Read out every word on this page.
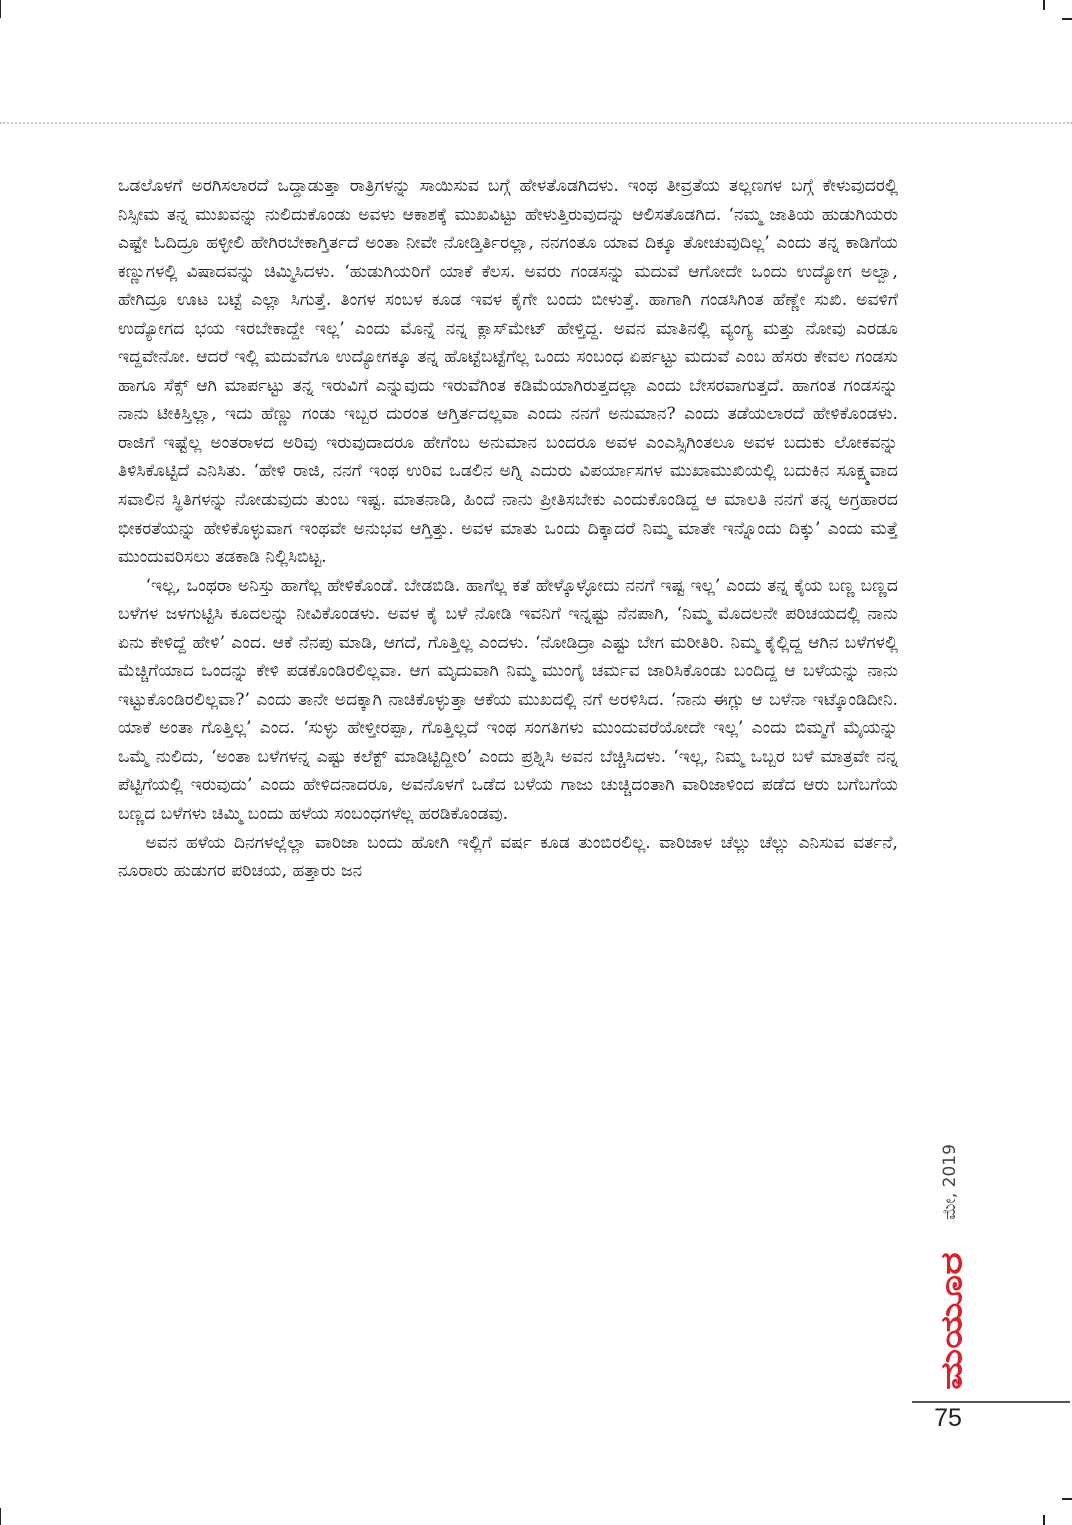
ಒಡಲೊಳಗೆ ಅರಗಿಸಲಾರದೆ ಒದ್ದಾಡುತ್ತಾ ರಾತ್ರಿಗಳನ್ನು ಸಾಯಿಸುವ ಬಗ್ಗೆ ಹೇಳತೊಡಗಿದಳು. ಇಂಥ ತೀವ್ರತೆಯ ತಲ್ಲಣಗಳ ಬಗ್ಗೆ ಕೇಳುವುದರಲ್ಲಿ ನಿಸ್ಸೀಮ ತನ್ನ ಮುಖವನ್ನು ನುಲಿದುಕೊಂಡು ಅವಳು ಆಕಾಶಕ್ಕೆ ಮುಖವಿಟ್ಟು ಹೇಳುತ್ತಿರುವುದನ್ನು ಆಲಿಸತೊಡಗಿದ. ‘ನಮ್ಮ ಜಾತಿಯ ಹುಡುಗಿಯರು ಎಷ್ಟೇ ಓದಿದ್ರೂ ಹಳ್ಳೀಲಿ ಹೇಗಿರಬೇಕಾಗ್ತಿರ್ತದೆ ಅಂತಾ ನೀವೇ ನೋಡ್ತಿರ್ತಿರಲ್ಲಾ, ನನಗಂತೂ ಯಾವ ದಿಕ್ಕೂ ತೋಚುವುದಿಲ್ಲ’ ಎಂದು ತನ್ನ ಕಾಡಿಗೆಯ ಕಣ್ಣುಗಳಲ್ಲಿ ವಿಷಾದವನ್ನು ಚಿಮ್ಮಿಸಿದಳು. ‘ಹುಡುಗಿಯರಿಗೆ ಯಾಕೆ ಕೆಲಸ. ಅವರು ಗಂಡಸನ್ನು ಮದುವೆ ಆಗೋದೇ ಒಂದು ಉದ್ಯೋಗ ಅಲ್ವಾ, ಹೇಗಿದ್ರೂ ಊಟ ಬಟ್ಟೆ ಎಲ್ಲಾ ಸಿಗುತ್ತೆ. ತಿಂಗಳ ಸಂಬಳ ಕೂಡ ಇವಳ ಕೈಗೇ ಬಂದು ಬೀಳುತ್ತೆ. ಹಾಗಾಗಿ ಗಂಡಸಿಗಿಂತ ಹೆಣ್ಣೇ ಸುಖಿ. ಅವಳಿಗೆ ಉದ್ಯೋಗದ ಭಯ ಇರಬೇಕಾದ್ದೇ ಇಲ್ಲ’ ಎಂದು ಮೊನ್ನೆ ನನ್ನ ಕ್ಲಾಸ್‌ಮೇಟ್ ಹೇಳ್ತಿದ್ದ. ಅವನ ಮಾತಿನಲ್ಲಿ ವ್ಯಂಗ್ಯ ಮತ್ತು ನೋವು ಎರಡೂ ಇದ್ದವೇನೋ. ಆದರೆ ಇಲ್ಲಿ ಮದುವೆಗೂ ಉದ್ಯೋಗಕ್ಕೂ ತನ್ನ ಹೊಟ್ಟೆಬಟ್ಟೆಗೆಲ್ಲ ಒಂದು ಸಂಬಂಧ ಏರ್ಪಟ್ಟು ಮದುವೆ ಎಂಬ ಹೆಸರು ಕೇವಲ ಗಂಡಸು ಹಾಗೂ ಸೆಕ್ಸ್ ಆಗಿ ಮಾರ್ಪಟ್ಟು ತನ್ನ ಇರುವಿಗೆ ಎನ್ನುವುದು ಇರುವೆಗಿಂತ ಕಡಿಮೆಯಾಗಿರುತ್ತದಲ್ಲಾ ಎಂದು ಬೇಸರವಾಗುತ್ತದೆ. ಹಾಗಂತ ಗಂಡಸನ್ನು ನಾನು ಟೀಕಿಸ್ತಿಲ್ಲಾ, ಇದು ಹೆಣ್ಣು ಗಂಡು ಇಬ್ಬರ ದುರಂತ ಆಗ್ತಿರ್ತದಲ್ಲವಾ ಎಂದು ನನಗೆ ಅನುಮಾನ? ಎಂದು ತಡೆಯಲಾರದೆ ಹೇಳಿಕೊಂಡಳು. ರಾಜಿಗೆ ಇಷ್ಟೆಲ್ಲ ಅಂತರಾಳದ ಅರಿವು ಇರುವುದಾದರೂ ಹೇಗೆಂಬ ಅನುಮಾನ ಬಂದರೂ ಅವಳ ಎಂಎಸ್ಸಿಗಿಂತಲೂ ಅವಳ ಬದುಕು ಲೋಕವನ್ನು ತಿಳಿಸಿಕೊಟ್ಟಿದೆ ಎನಿಸಿತು. ‘ಹೇಳಿ ರಾಜಿ, ನನಗೆ ಇಂಥ ಉರಿವ ಒಡಲಿನ ಅಗ್ನಿ ಎದುರು ವಿಪರ್ಯಾಸಗಳ ಮುಖಾಮುಖಿಯಲ್ಲಿ ಬದುಕಿನ ಸೂಕ್ಷ್ಮವಾದ ಸವಾಲಿನ ಸ್ಥಿತಿಗಳನ್ನು ನೋಡುವುದು ತುಂಬ ಇಷ್ಟ. ಮಾತನಾಡಿ, ಹಿಂದೆ ನಾನು ಪ್ರೀತಿಸಬೇಕು ಎಂದುಕೊಂಡಿದ್ದ ಆ ಮಾಲತಿ ನನಗೆ ತನ್ನ ಅಗ್ರಹಾರದ ಭೀಕರತೆಯನ್ನು ಹೇಳಿಕೊಳ್ಳುವಾಗ ಇಂಥವೇ ಅನುಭವ ಆಗ್ತಿತ್ತು. ಅವಳ ಮಾತು ಒಂದು ದಿಕ್ಕಾದರೆ ನಿಮ್ಮ ಮಾತೇ ಇನ್ನೊಂದು ದಿಕ್ಕು’ ಎಂದು ಮತ್ತೆ ಮುಂದುವರಿಸಲು ತಡಕಾಡಿ ನಿಲ್ಲಿಸಿಬಿಟ್ಟ.

‘ಇಲ್ಲ, ಒಂಥರಾ ಅನಿಸ್ತು ಹಾಗೆಲ್ಲ ಹೇಳಿಕೊಂಡೆ. ಬೇಡಬಿಡಿ. ಹಾಗೆಲ್ಲ ಕತೆ ಹೇಳ್ಕೊಳ್ಳೋದು ನನಗೆ ಇಷ್ಟ ಇಲ್ಲ’ ಎಂದು ತನ್ನ ಕೈಯ ಬಣ್ಣ ಬಣ್ಣದ ಬಳೆಗಳ ಜಳಗುಟ್ಟಿಸಿ ಕೂದಲನ್ನು ನೀವಿಕೊಂಡಳು. ಅವಳ ಕೈ ಬಳೆ ನೋಡಿ ಇವನಿಗೆ ಇನ್ನಷ್ಟು ನೆನಪಾಗಿ, ‘ನಿಮ್ಮ ಮೊದಲನೇ ಪರಿಚಯದಲ್ಲಿ ನಾನು ಏನು ಕೇಳಿದ್ದೆ ಹೇಳಿ’ ಎಂದ. ಆಕೆ ನೆನಪು ಮಾಡಿ, ಆಗದೆ, ಗೊತ್ತಿಲ್ಲ ಎಂದಳು. ‘ನೋಡಿದ್ರಾ ಎಷ್ಟು ಬೇಗ ಮರೀತಿರಿ. ನಿಮ್ಮ ಕೈಲ್ಲಿದ್ದ ಆಗಿನ ಬಳೆಗಳಲ್ಲಿ ಮೆಚ್ಚಿಗೆಯಾದ ಒಂದನ್ನು ಕೇಳಿ ಪಡಕೊಂಡಿರಲಿಲ್ಲವಾ. ಆಗ ಮೃದುವಾಗಿ ನಿಮ್ಮ ಮುಂಗೈ ಚರ್ಮವ ಜಾರಿಸಿಕೊಂಡು ಬಂದಿದ್ದ ಆ ಬಳೆಯನ್ನು ನಾನು ಇಟ್ಟುಕೊಂಡಿರಲಿಲ್ಲವಾ?’ ಎಂದು ತಾನೇ ಅದಕ್ಕಾಗಿ ನಾಚಿಕೊಳ್ಳುತ್ತಾ ಆಕೆಯ ಮುಖದಲ್ಲಿ ನಗೆ ಅರಳಿಸಿದ. ‘ನಾನು ಈಗ್ಲು ಆ ಬಳೆನಾ ಇಟ್ಕೊಂಡಿದೀನಿ. ಯಾಕೆ ಅಂತಾ ಗೊತ್ತಿಲ್ಲ’ ಎಂದ. ‘ಸುಳ್ಳು ಹೇಳ್ತೀರಪ್ಪಾ, ಗೊತ್ತಿಲ್ಲದೆ ಇಂಥ ಸಂಗತಿಗಳು ಮುಂದುವರೆಯೋದೇ ಇಲ್ಲ’ ಎಂದು ಬಿಮ್ಮಗೆ ಮೈಯನ್ನು ಒಮ್ಮೆ ನುಲಿದು, ‘ಅಂತಾ ಬಳೆಗಳನ್ನ ಎಷ್ಟು ಕಲೆಕ್ಟ್ ಮಾಡಿಟ್ಟಿದ್ದೀರಿ’ ಎಂದು ಪ್ರಶ್ನಿಸಿ ಅವನ ಬೆಚ್ಚಿಸಿದಳು. ‘ಇಲ್ಲ, ನಿಮ್ಮ ಒಬ್ಬರ ಬಳೆ ಮಾತ್ರವೇ ನನ್ನ ಪೆಟ್ಟಿಗೆಯಲ್ಲಿ ಇರುವುದು’ ಎಂದು ಹೇಳಿದನಾದರೂ, ಅವನೊಳಗೆ ಒಡೆದ ಬಳೆಯ ಗಾಜು ಚುಚ್ಚಿದಂತಾಗಿ ವಾರಿಜಾಳಿಂದ ಪಡೆದ ಆರು ಬಗೆಬಗೆಯ ಬಣ್ಣದ ಬಳೆಗಳು ಚಿಮ್ಮಿ ಬಂದು ಹಳೆಯ ಸಂಬಂಧಗಳೆಲ್ಲ ಹರಡಿಕೊಂಡವು.

ಅವನ ಹಳೆಯ ದಿನಗಳಲ್ಲೆಲ್ಲಾ ವಾರಿಜಾ ಬಂದು ಹೋಗಿ ಇಲ್ಲಿಗೆ ವರ್ಷ ಕೂಡ ತುಂಬಿರಲಿಲ್ಲ. ವಾರಿಜಾಳ ಚೆಲ್ಲು ಚೆಲ್ಲು ಎನಿಸುವ ವರ್ತನೆ, ನೂರಾರು ಹುಡುಗರ ಪರಿಚಯ, ಹತ್ತಾರು ಜನ

ಮೇ, 2019
ಮಯೂರ
75
